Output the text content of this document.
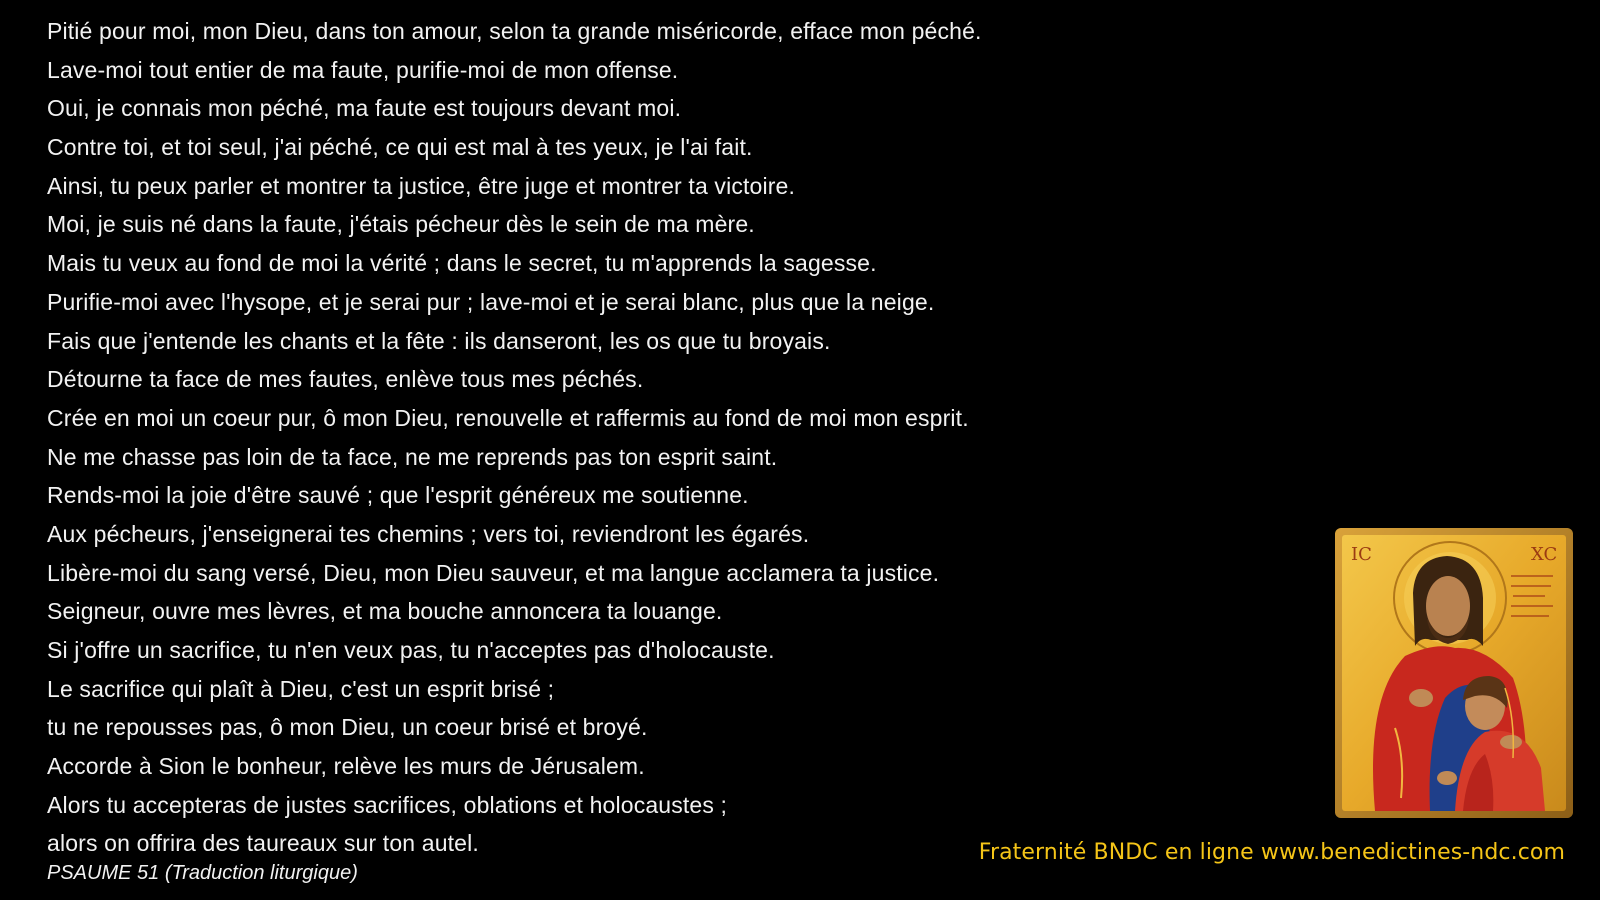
Pitié pour moi, mon Dieu, dans ton amour, selon ta grande miséricorde, efface mon péché.
Lave-moi tout entier de ma faute, purifie-moi de mon offense.
Oui, je connais mon péché, ma faute est toujours devant moi.
Contre toi, et toi seul, j'ai péché, ce qui est mal à tes yeux, je l'ai fait.
Ainsi, tu peux parler et montrer ta justice, être juge et montrer ta victoire.
Moi, je suis né dans la faute, j'étais pécheur dès le sein de ma mère.
Mais tu veux au fond de moi la vérité ; dans le secret, tu m'apprends la sagesse.
Purifie-moi avec l'hysope, et je serai pur ; lave-moi et je serai blanc, plus que la neige.
Fais que j'entende les chants et la fête : ils danseront, les os que tu broyais.
Détourne ta face de mes fautes, enlève tous mes péchés.
Crée en moi un coeur pur, ô mon Dieu, renouvelle et raffermis au fond de moi mon esprit.
Ne me chasse pas loin de ta face, ne me reprends pas ton esprit saint.
Rends-moi la joie d'être sauvé ; que l'esprit généreux me soutienne.
Aux pécheurs, j'enseignerai tes chemins ; vers toi, reviendront les égarés.
Libère-moi du sang versé, Dieu, mon Dieu sauveur, et ma langue acclamera ta justice.
Seigneur, ouvre mes lèvres, et ma bouche annoncera ta louange.
Si j'offre un sacrifice, tu n'en veux pas, tu n'acceptes pas d'holocauste.
Le sacrifice qui plaît à Dieu, c'est un esprit brisé ;
tu ne repousses pas, ô mon Dieu, un coeur brisé et broyé.
Accorde à Sion le bonheur, relève les murs de Jérusalem.
Alors tu accepteras de justes sacrifices, oblations et holocaustes ;
alors on offrira des taureaux sur ton autel.
PSAUME 51 (Traduction liturgique)
IC	XC
Fraternité BNDC en ligne www.benedictines-ndc.com
